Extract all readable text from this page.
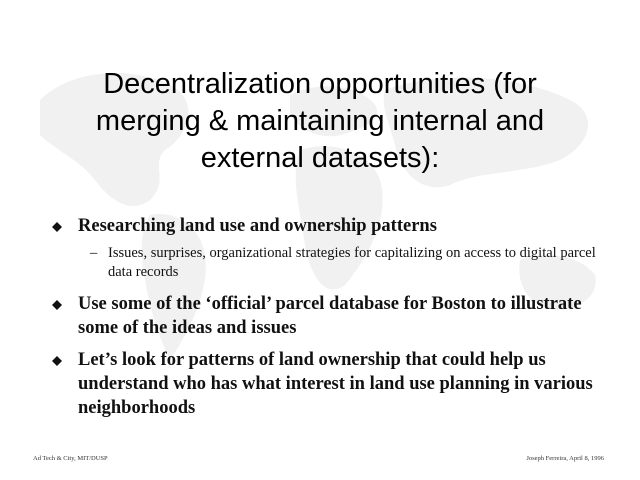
Decentralization opportunities (for
merging & maintaining internal and
external datasets):
Researching land use and ownership patterns
– Issues, surprises, organizational strategies for capitalizing on access to digital parcel data records
Use some of the ‘official’ parcel database for Boston to illustrate some of the ideas and issues
Let’s look for patterns of land ownership that could help us understand who has what interest in land use planning in various neighborhoods
Ad Tech & City, MIT/DUSP	Joseph Ferreira, April 8, 1996
